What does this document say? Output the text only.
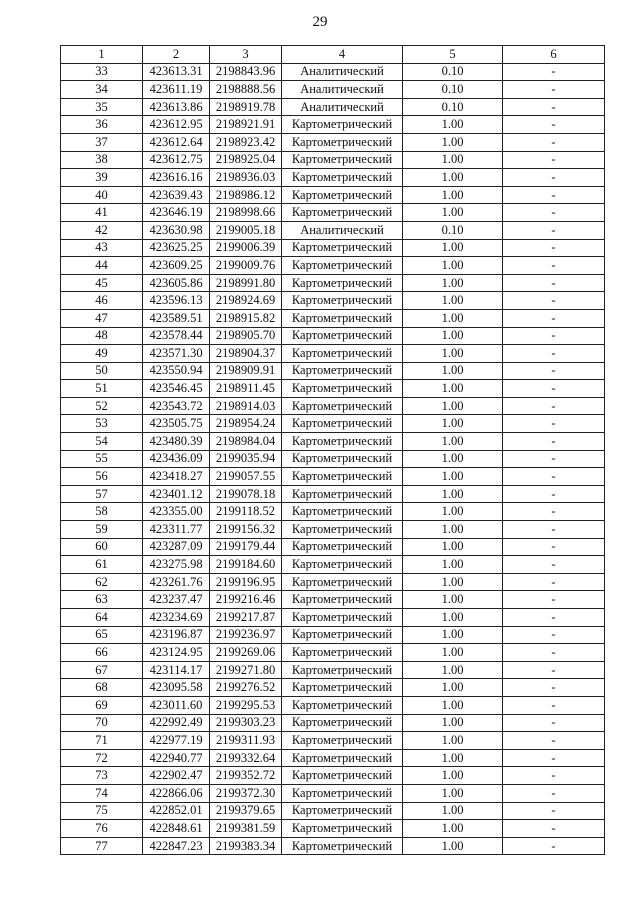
29
1	2	3	4	5	6
33	423613.31	2198843.96	Аналитический	0.10	-
34	423611.19	2198888.56	Аналитический	0.10	-
35	423613.86	2198919.78	Аналитический	0.10	-
36	423612.95	2198921.91	Картометрический	1.00	-
37	423612.64	2198923.42	Картометрический	1.00	-
38	423612.75	2198925.04	Картометрический	1.00	-
39	423616.16	2198936.03	Картометрический	1.00	-
40	423639.43	2198986.12	Картометрический	1.00	-
41	423646.19	2198998.66	Картометрический	1.00	-
42	423630.98	2199005.18	Аналитический	0.10	-
43	423625.25	2199006.39	Картометрический	1.00	-
44	423609.25	2199009.76	Картометрический	1.00	-
45	423605.86	2198991.80	Картометрический	1.00	-
46	423596.13	2198924.69	Картометрический	1.00	-
47	423589.51	2198915.82	Картометрический	1.00	-
48	423578.44	2198905.70	Картометрический	1.00	-
49	423571.30	2198904.37	Картометрический	1.00	-
50	423550.94	2198909.91	Картометрический	1.00	-
51	423546.45	2198911.45	Картометрический	1.00	-
52	423543.72	2198914.03	Картометрический	1.00	-
53	423505.75	2198954.24	Картометрический	1.00	-
54	423480.39	2198984.04	Картометрический	1.00	-
55	423436.09	2199035.94	Картометрический	1.00	-
56	423418.27	2199057.55	Картометрический	1.00	-
57	423401.12	2199078.18	Картометрический	1.00	-
58	423355.00	2199118.52	Картометрический	1.00	-
59	423311.77	2199156.32	Картометрический	1.00	-
60	423287.09	2199179.44	Картометрический	1.00	-
61	423275.98	2199184.60	Картометрический	1.00	-
62	423261.76	2199196.95	Картометрический	1.00	-
63	423237.47	2199216.46	Картометрический	1.00	-
64	423234.69	2199217.87	Картометрический	1.00	-
65	423196.87	2199236.97	Картометрический	1.00	-
66	423124.95	2199269.06	Картометрический	1.00	-
67	423114.17	2199271.80	Картометрический	1.00	-
68	423095.58	2199276.52	Картометрический	1.00	-
69	423011.60	2199295.53	Картометрический	1.00	-
70	422992.49	2199303.23	Картометрический	1.00	-
71	422977.19	2199311.93	Картометрический	1.00	-
72	422940.77	2199332.64	Картометрический	1.00	-
73	422902.47	2199352.72	Картометрический	1.00	-
74	422866.06	2199372.30	Картометрический	1.00	-
75	422852.01	2199379.65	Картометрический	1.00	-
76	422848.61	2199381.59	Картометрический	1.00	-
77	422847.23	2199383.34	Картометрический	1.00	-
